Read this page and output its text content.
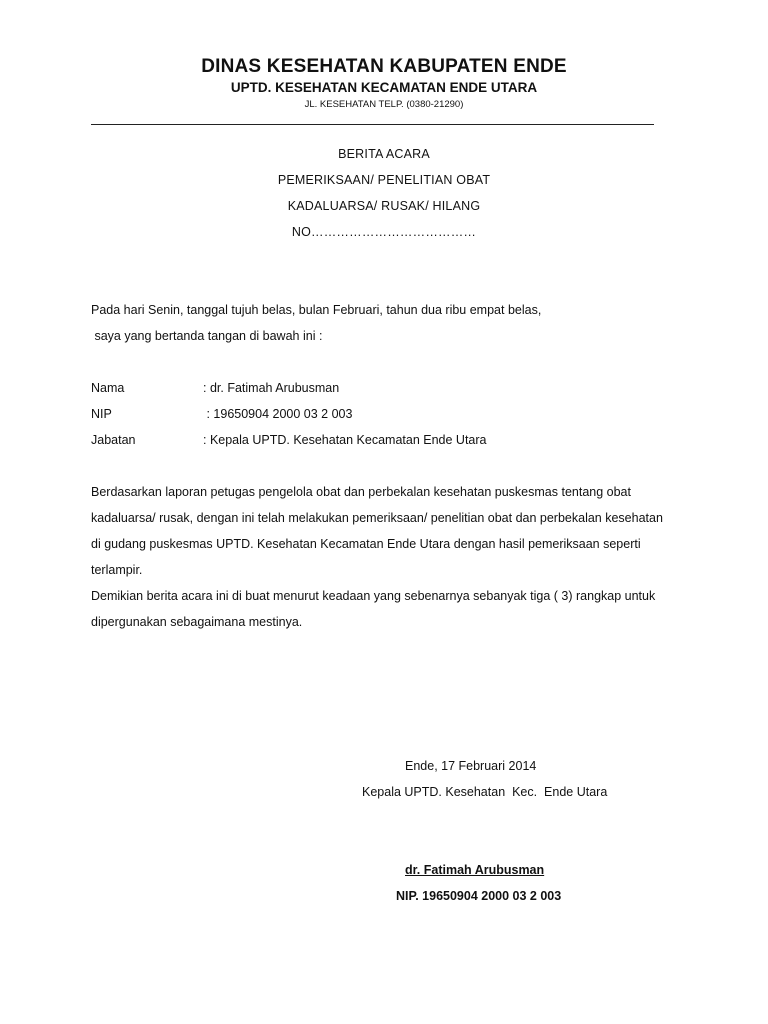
DINAS KESEHATAN KABUPATEN ENDE
UPTD. KESEHATAN KECAMATAN ENDE UTARA
JL. KESEHATAN TELP. (0380-21290)
BERITA ACARA
PEMERIKSAAN/ PENELITIAN OBAT
KADALUARSA/ RUSAK/ HILANG
NO…………………………………
Pada hari Senin, tanggal tujuh belas, bulan Februari, tahun dua ribu empat belas,
saya yang bertanda tangan di bawah ini :
Nama	: dr. Fatimah Arubusman
NIP	: 19650904 2000 03 2 003
Jabatan	: Kepala UPTD. Kesehatan Kecamatan Ende Utara
Berdasarkan laporan petugas pengelola obat dan perbekalan kesehatan puskesmas tentang obat
kadaluarsa/ rusak, dengan ini telah melakukan pemeriksaan/ penelitian obat dan perbekalan kesehatan
di gudang puskesmas UPTD. Kesehatan Kecamatan Ende Utara dengan hasil pemeriksaan seperti
terlampir.
Demikian berita acara ini di buat menurut keadaan yang sebenarnya sebanyak tiga ( 3) rangkap untuk
dipergunakan sebagaimana mestinya.
Ende, 17 Februari 2014
Kepala UPTD. Kesehatan  Kec.  Ende Utara
dr. Fatimah Arubusman
NIP. 19650904 2000 03 2 003
